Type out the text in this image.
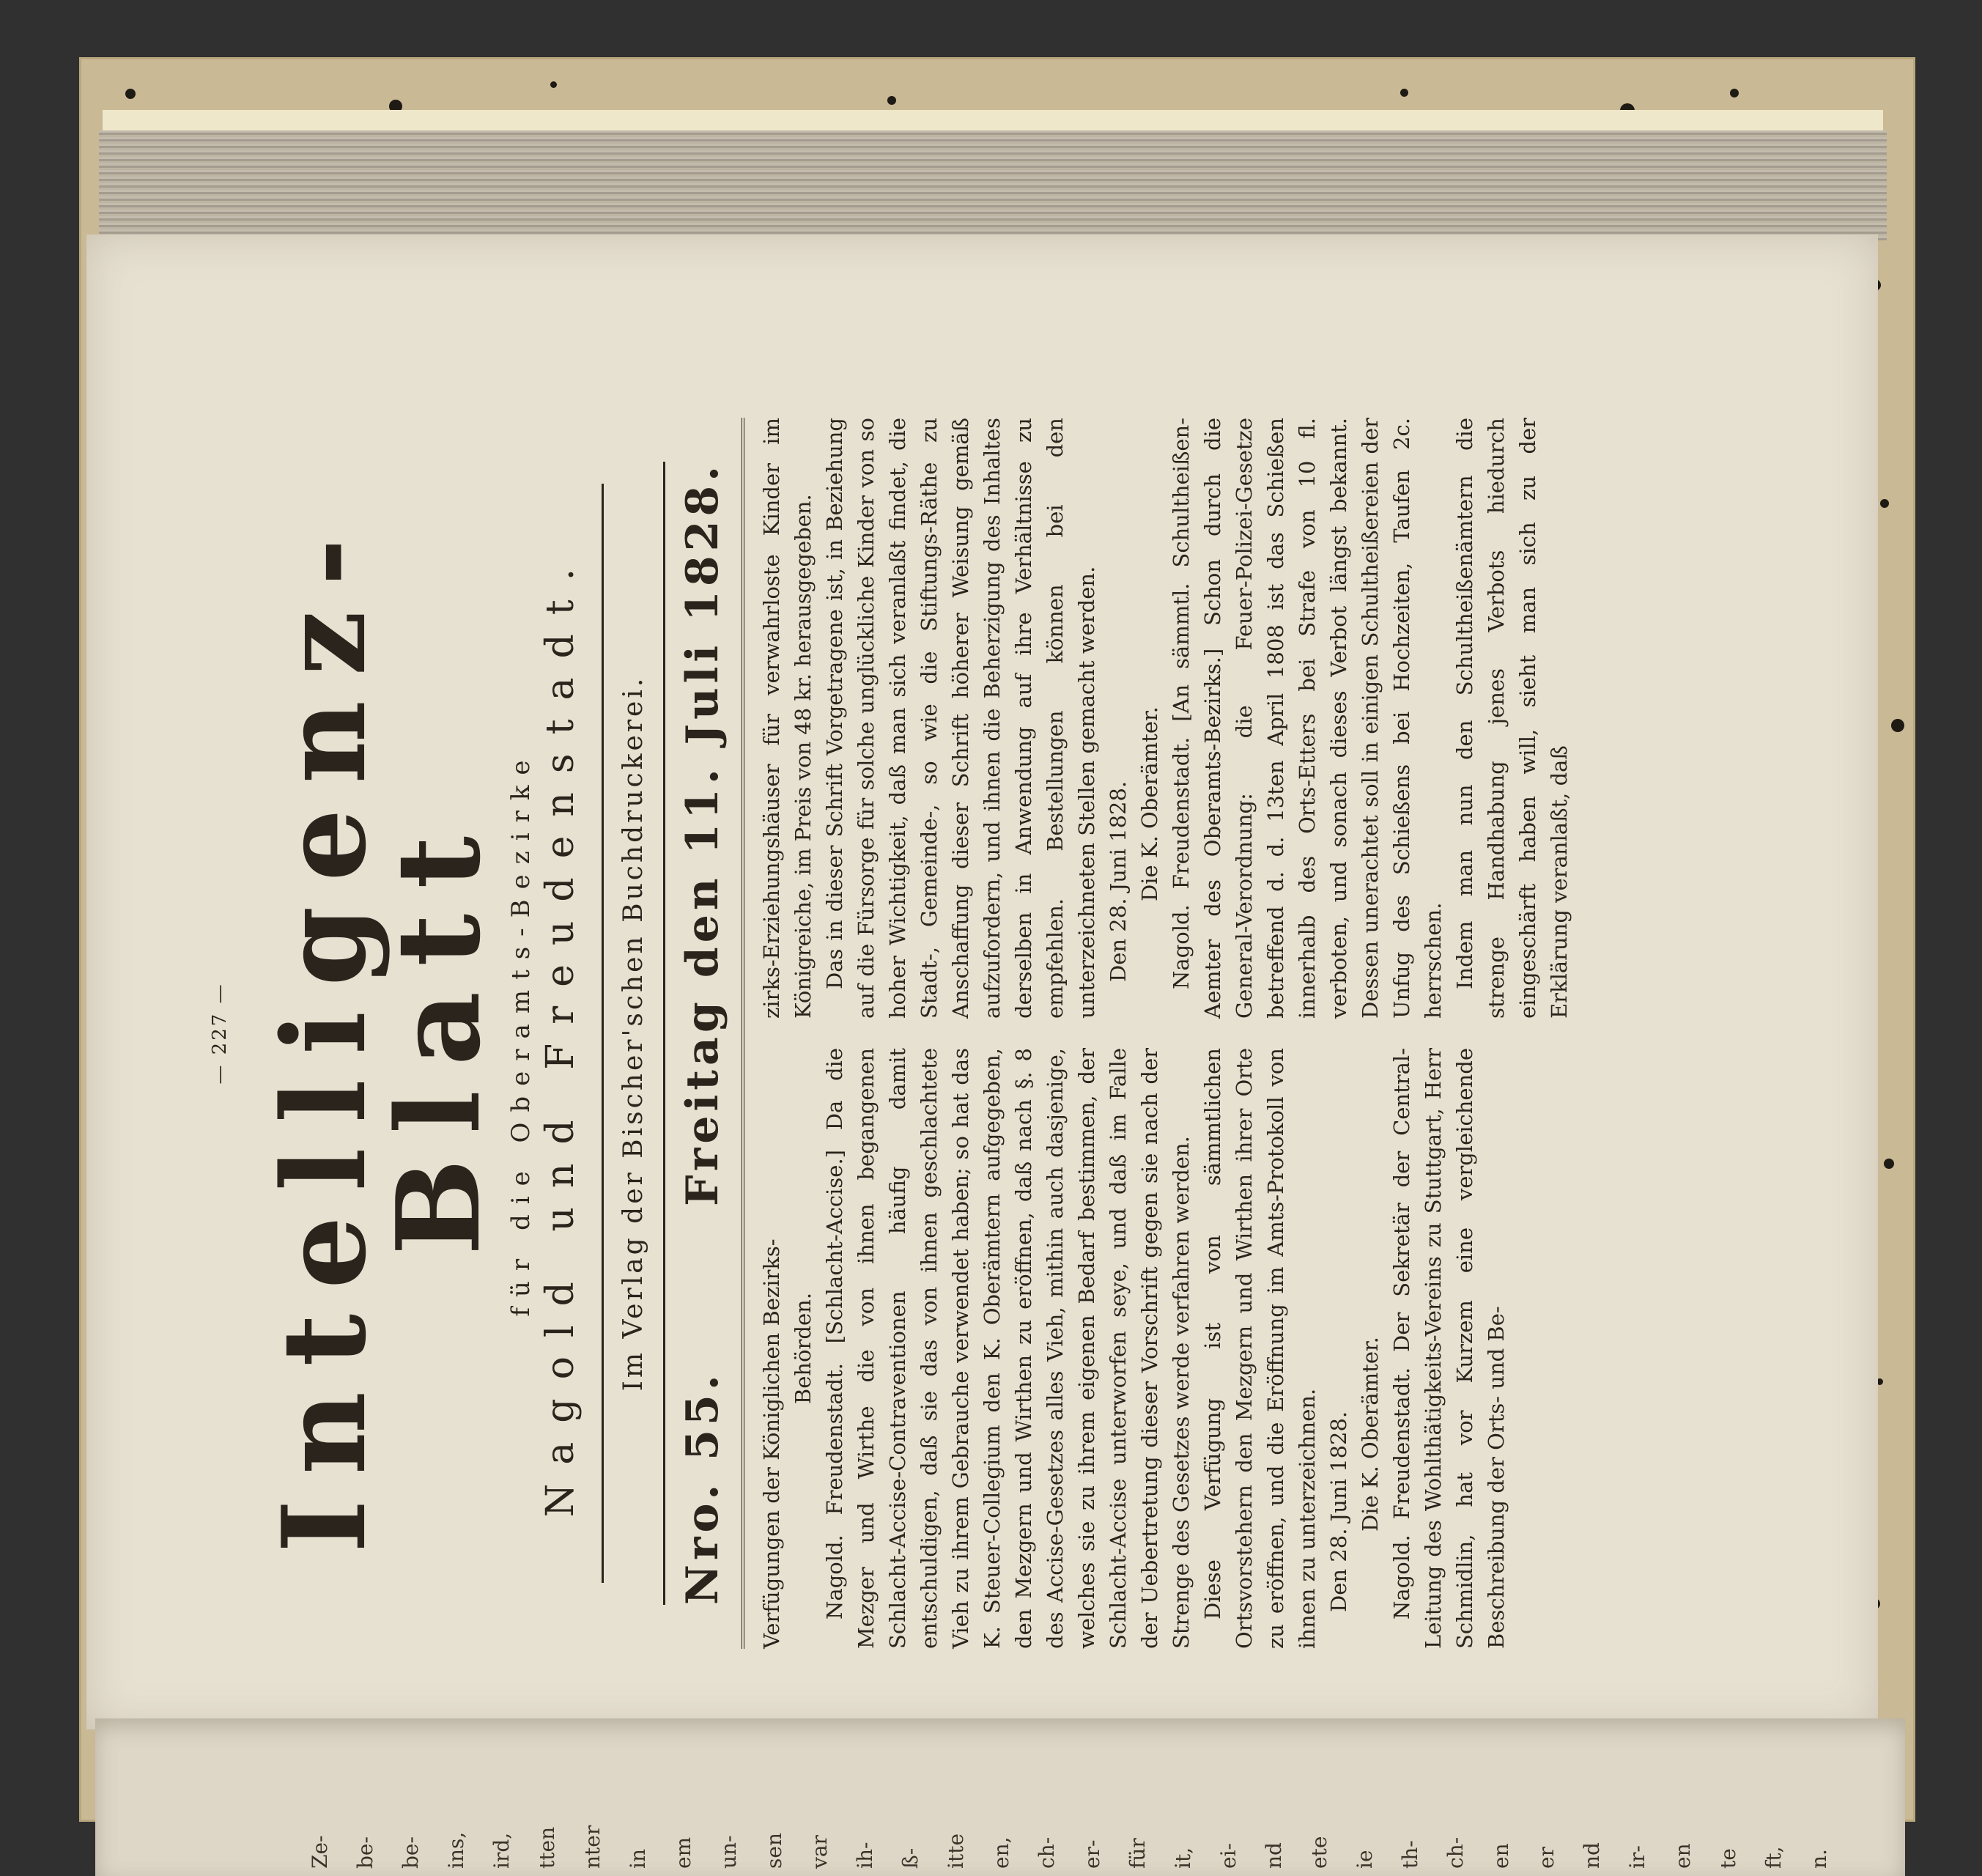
— 227 — Intelligenz-Blatt für die Oberamts-Bezirke Nagold und Freudenstadt. Im Verlag der Bischer'schen Buchdruckerei.
Nro. 55.
Freitag den 11. Juli 1828.

Verfügungen der Königlichen Bezirks- Behörden. Nagold. Freudenstadt. [Schlacht-Accise.] Da die Mezger und Wirthe die von ihnen begangenen Schlacht-Accise-Contraventionen häufig damit entschuldigen, daß sie das von ihnen geschlachtete Vieh zu ihrem Gebrauche verwendet haben; so hat das K. Steuer-Collegium den K. Oberämtern aufgegeben, den Mezgern und Wirthen zu eröffnen, daß nach §. 8 des Accise-Gesetzes alles Vieh, mithin auch dasjenige, welches sie zu ihrem eigenen Bedarf bestimmen, der Schlacht-Accise unterworfen seye, und daß im Falle der Uebertretung dieser Vorschrift gegen sie nach der Strenge des Gesetzes werde verfahren werden. Diese Verfügung ist von sämmtlichen Ortsvorstehern den Mezgern und Wirthen ihrer Orte zu eröffnen, und die Eröffnung im Amts-Protokoll von ihnen zu unterzeichnen. Den 28. Juni 1828. Die K. Oberämter. Nagold. Freudenstadt. Der Sekretär der Central-Leitung des Wohlthätigkeits-Vereins zu Stuttgart, Herr Schmidlin, hat vor Kurzem eine vergleichende Beschreibung der Orts- und Be-

zirks-Erziehungshäuser für verwahrloste Kinder im Königreiche, im Preis von 48 kr. herausgegeben. Das in dieser Schrift Vorgetragene ist, in Beziehung auf die Fürsorge für solche unglückliche Kinder von so hoher Wichtigkeit, daß man sich veranlaßt findet, die Stadt-, Gemeinde-, so wie die Stiftungs-Räthe zu Anschaffung dieser Schrift höherer Weisung gemäß aufzufordern, und ihnen die Beherzigung des Inhaltes derselben in Anwendung auf ihre Verhältnisse zu empfehlen. Bestellungen können bei den unterzeichneten Stellen gemacht werden. Den 28. Juni 1828. Die K. Oberämter. Nagold. Freudenstadt. [An sämmtl. Schultheißen-Aemter des Oberamts-Bezirks.] Schon durch die General-Verordnung: die Feuer-Polizei-Gesetze betreffend d. d. 13ten April 1808 ist das Schießen innerhalb des Orts-Etters bei Strafe von 10 fl. verboten, und sonach dieses Verbot längst bekannt. Dessen unerachtet soll in einigen Schultheißereien der Unfug des Schießens bei Hochzeiten, Taufen 2c. herrschen. Indem man nun den Schultheißenämtern die strenge Handhabung jenes Verbots hiedurch eingeschärft haben will, sieht man sich zu der Erklärung veranlaßt, daß

Ze- be- be- ins, ird, tten nter in em un- sen var ih- ß- itte en, ch- er- für it, ei- nd ete ie th- ch- en er nd ir- en te ft, n.
